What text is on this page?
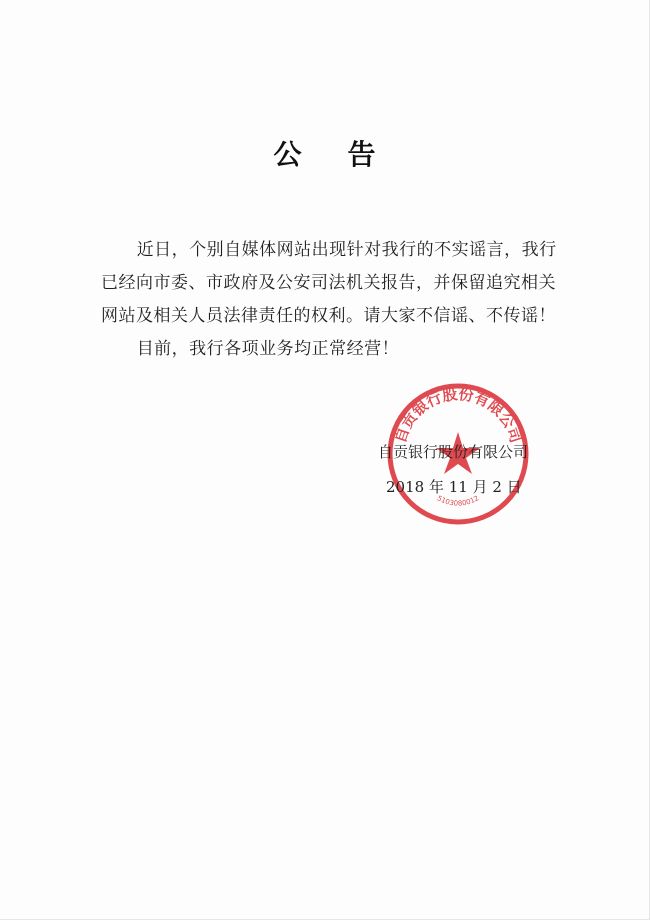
公告

近日，个别自媒体网站出现针对我行的不实谣言，我行已经向市委、市政府及公安司法机关报告，并保留追究相关网站及相关人员法律责任的权利。请大家不信谣、不传谣！

目前，我行各项业务均正常经营！

自贡银行股份有限公司
5103080012
自贡银行股份有限公司
2018 年 11 月 2 日
